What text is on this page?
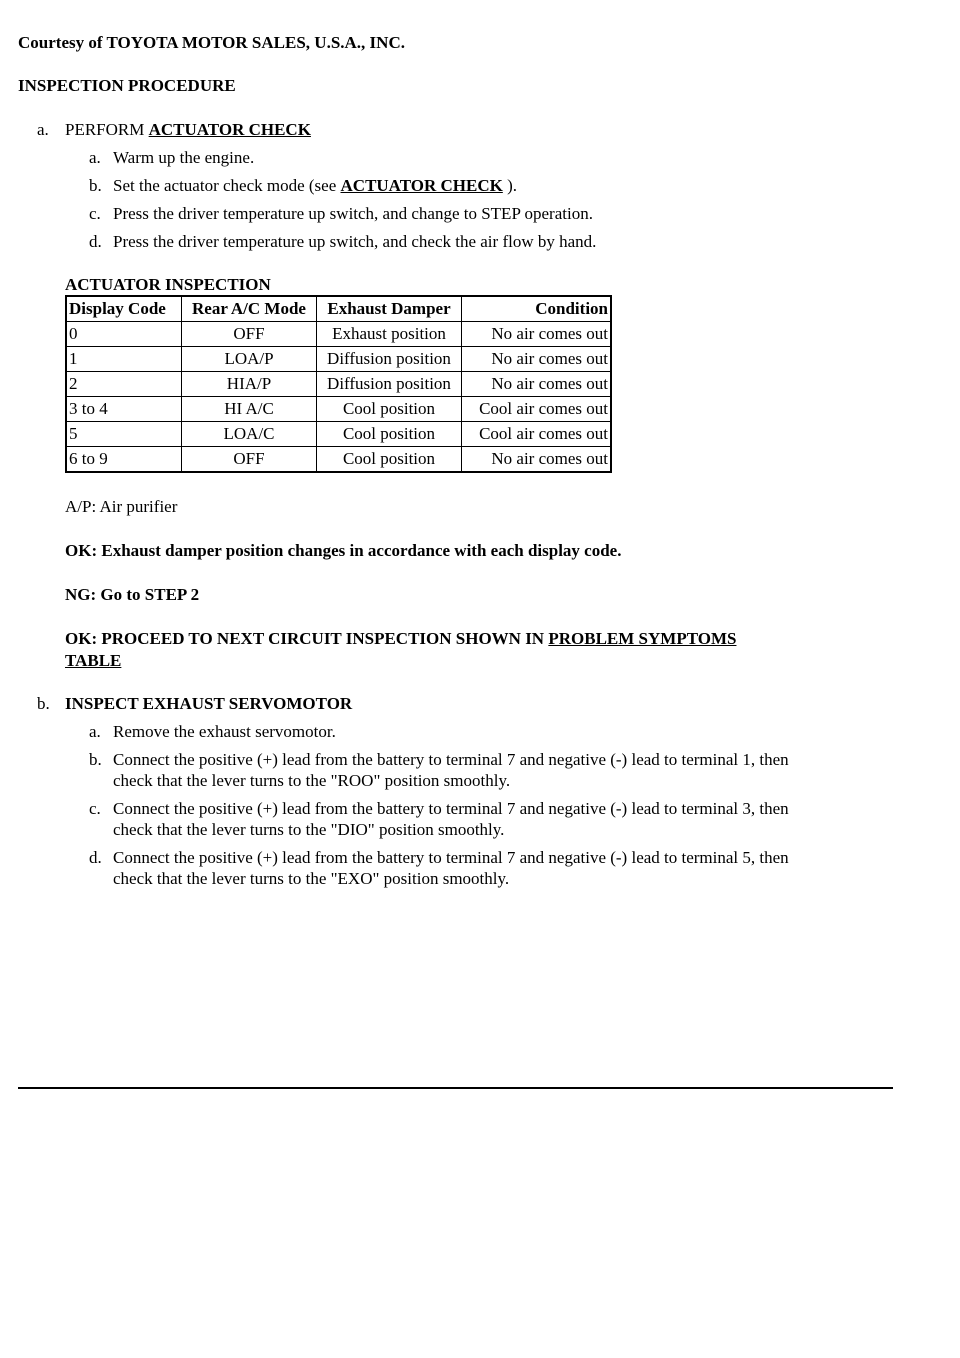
Courtesy of TOYOTA MOTOR SALES, U.S.A., INC.
INSPECTION PROCEDURE
a. PERFORM ACTUATOR CHECK
a. Warm up the engine.
b. Set the actuator check mode (see ACTUATOR CHECK ).
c. Press the driver temperature up switch, and change to STEP operation.
d. Press the driver temperature up switch, and check the air flow by hand.
ACTUATOR INSPECTION
Display Code	Rear A/C Mode	Exhaust Damper	Condition
0	OFF	Exhaust position	No air comes out
1	LOA/P	Diffusion position	No air comes out
2	HIA/P	Diffusion position	No air comes out
3 to 4	HI A/C	Cool position	Cool air comes out
5	LOA/C	Cool position	Cool air comes out
6 to 9	OFF	Cool position	No air comes out
A/P: Air purifier
OK: Exhaust damper position changes in accordance with each display code.
NG: Go to STEP 2
OK: PROCEED TO NEXT CIRCUIT INSPECTION SHOWN IN PROBLEM SYMPTOMS
TABLE
b. INSPECT EXHAUST SERVOMOTOR
a. Remove the exhaust servomotor.
b. Connect the positive (+) lead from the battery to terminal 7 and negative (-) lead to terminal 1, then
check that the lever turns to the "ROO" position smoothly.
c. Connect the positive (+) lead from the battery to terminal 7 and negative (-) lead to terminal 3, then
check that the lever turns to the "DIO" position smoothly.
d. Connect the positive (+) lead from the battery to terminal 7 and negative (-) lead to terminal 5, then
check that the lever turns to the "EXO" position smoothly.
